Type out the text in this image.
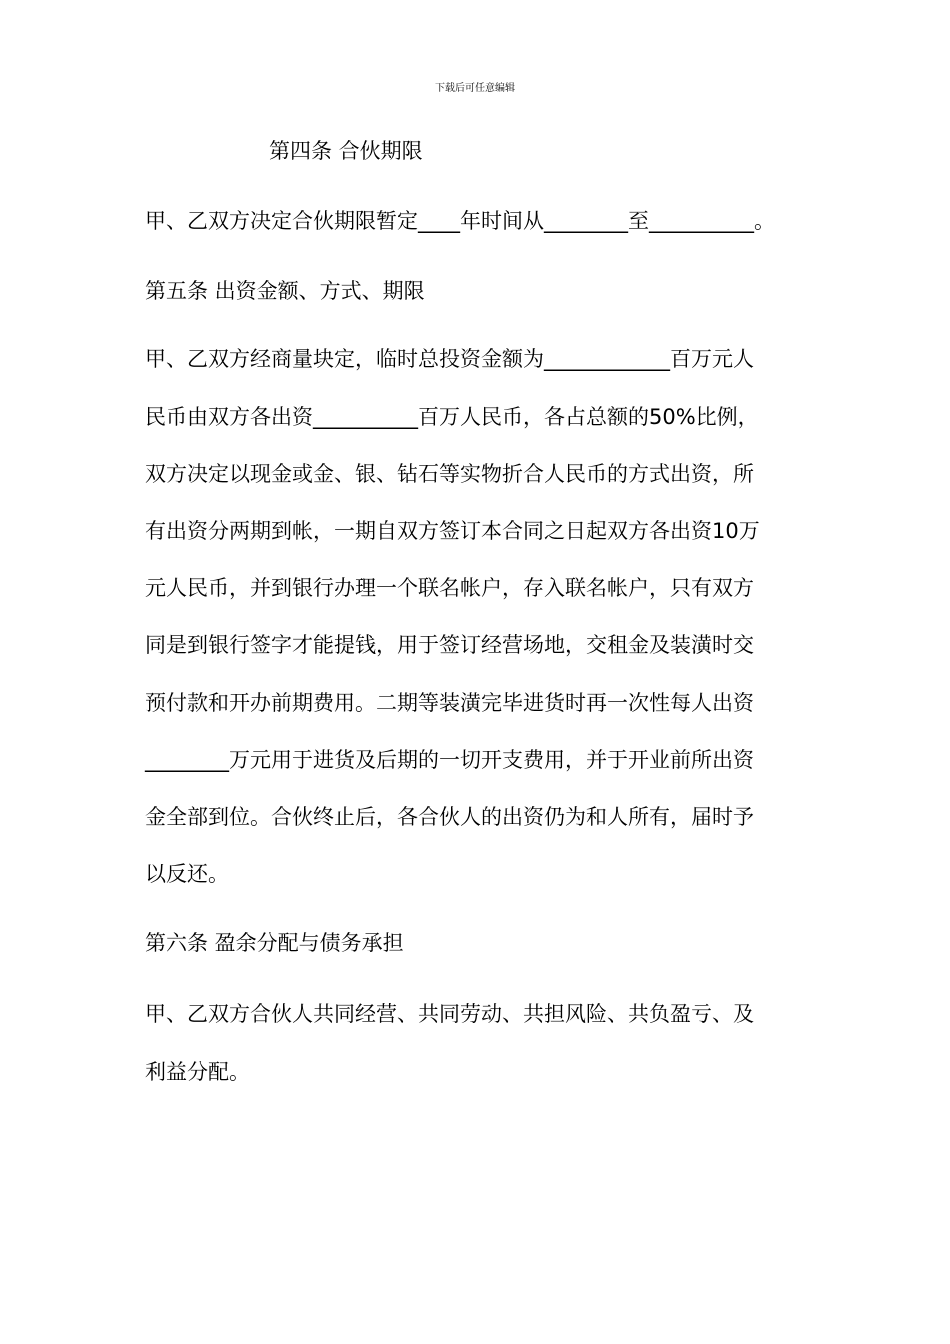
下载后可任意编辑
第四条 合伙期限
甲、乙双方决定合伙期限暂定____年时间从________至__________。
第五条 出资金额、方式、期限
甲、乙双方经商量块定，临时总投资金额为____________百万元人
民币由双方各出资__________百万人民币，各占总额的50%比例，
双方决定以现金或金、银、钻石等实物折合人民币的方式出资，所
有出资分两期到帐，一期自双方签订本合同之日起双方各出资10万
元人民币，并到银行办理一个联名帐户，存入联名帐户，只有双方
同是到银行签字才能提钱，用于签订经营场地，交租金及装潢时交
预付款和开办前期费用。二期等装潢完毕进货时再一次性每人出资
________万元用于进货及后期的一切开支费用，并于开业前所出资
金全部到位。合伙终止后，各合伙人的出资仍为和人所有，届时予
以反还。
第六条 盈余分配与债务承担
甲、乙双方合伙人共同经营、共同劳动、共担风险、共负盈亏、及
利益分配。
